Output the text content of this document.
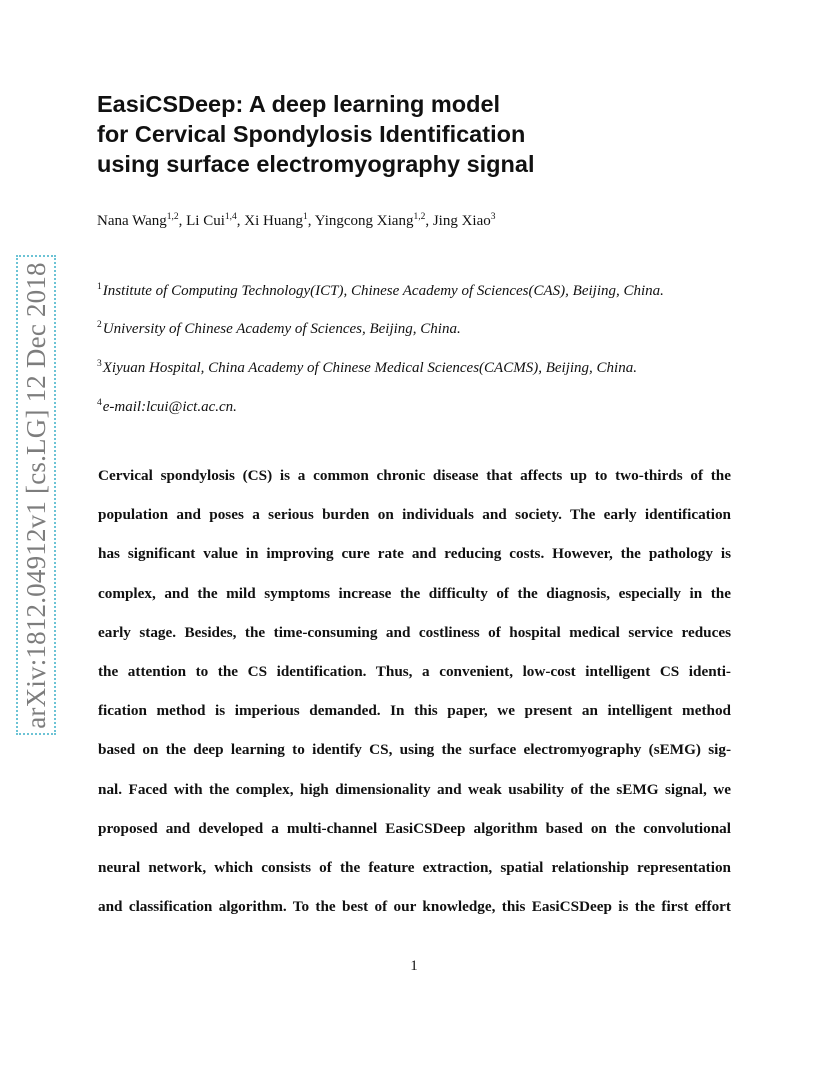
arXiv:1812.04912v1 [cs.LG] 12 Dec 2018
EasiCSDeep: A deep learning model
for Cervical Spondylosis Identification
using surface electromyography signal
Nana Wang$^{1,2}$, Li Cui$^{1,4}$, Xi Huang$^1$, Yingcong Xiang$^{1,2}$, Jing Xiao$^3$
$^1$Institute of Computing Technology(ICT), Chinese Academy of Sciences(CAS), Beijing, China.
$^2$University of Chinese Academy of Sciences, Beijing, China.
$^3$Xiyuan Hospital, China Academy of Chinese Medical Sciences(CACMS), Beijing, China.
$^4$e-mail:lcui@ict.ac.cn.
Cervical spondylosis (CS) is a common chronic disease that affects up to two-thirds of the
population and poses a serious burden on individuals and society. The early identification
has significant value in improving cure rate and reducing costs. However, the pathology is
complex, and the mild symptoms increase the difficulty of the diagnosis, especially in the
early stage. Besides, the time-consuming and costliness of hospital medical service reduces
the attention to the CS identification. Thus, a convenient, low-cost intelligent CS identi-
fication method is imperious demanded. In this paper, we present an intelligent method
based on the deep learning to identify CS, using the surface electromyography (sEMG) sig-
nal. Faced with the complex, high dimensionality and weak usability of the sEMG signal, we
proposed and developed a multi-channel EasiCSDeep algorithm based on the convolutional
neural network, which consists of the feature extraction, spatial relationship representation
and classification algorithm. To the best of our knowledge, this EasiCSDeep is the first effort
1
